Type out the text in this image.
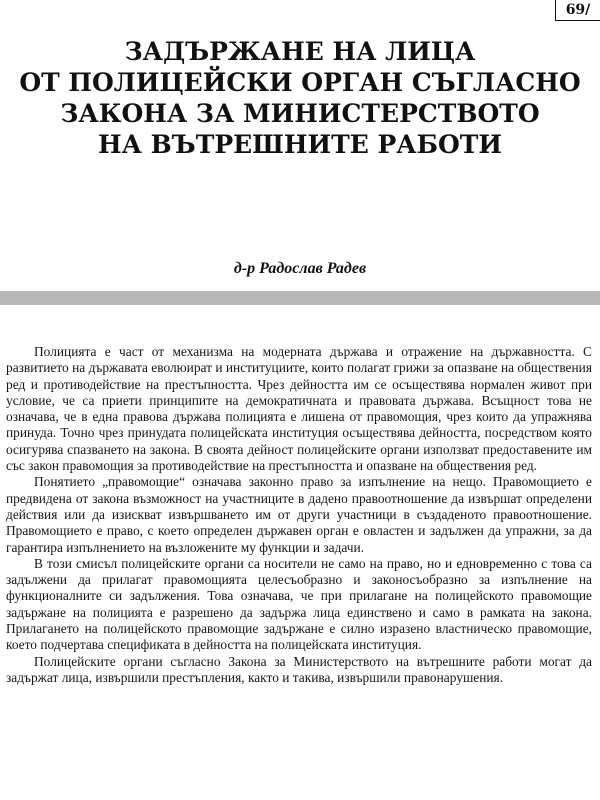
69/
ЗАДЪРЖАНЕ НА ЛИЦА
ОТ ПОЛИЦЕЙСКИ ОРГАН СЪГЛАСНО
ЗАКОНА ЗА МИНИСТЕРСТВОТО
НА ВЪТРЕШНИТЕ РАБОТИ
д-р Радослав Радев

Полицията е част от механизма на модерната държава и отражение на държавността. С развитието на държавата еволюират и институциите, които полагат грижи за опазване на обществения ред и противодействие на престъпността. Чрез дейността им се осъществява нормален живот при условие, че са приети принципите на демократичната и правовата държава. Всъщност това не означава, че в една правова държава полицията е лишена от правомощия, чрез които да упражнява принуда. Точно чрез принудата полицейската институция осъществява дейността, посредством която осигурява спазването на закона. В своята дейност полицейските органи използват предоставените им със закон правомощия за противодействие на престъпността и опазване на обществения ред.

Понятието „правомощие“ означава законно право за изпълнение на нещо. Правомощието е предвидена от закона възможност на участниците в дадено правоотношение да извършат определени действия или да изискват извършването им от други участници в създаденото правоотношение. Правомощието е право, с което определен държавен орган е овластен и задължен да упражни, за да гарантира изпълнението на възложените му функции и задачи.

В този смисъл полицейските органи са носители не само на право, но и едновременно с това са задължени да прилагат правомощията целесъобразно и законосъобразно за изпълнение на функционалните си задължения. Това означава, че при прилагане на полицейското правомощие задържане на полицията е разрешено да задържа лица единствено и само в рамката на закона. Прилагането на полицейското правомощие задържане е силно изразено властническо правомощие, което подчертава спецификата в дейността на полицейската институция.

Полицейските органи съгласно Закона за Министерството на вътрешните работи могат да задържат лица, извършили престъпления, както и такива, извършили правонарушения.
